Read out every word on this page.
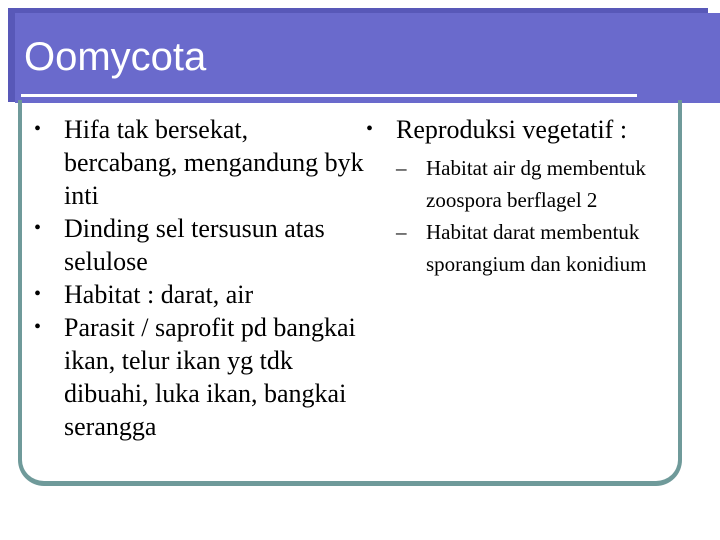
Oomycota
• Hifa tak bersekat, bercabang, mengandung byk inti
• Dinding sel tersusun atas selulose
• Habitat : darat, air
• Parasit / saprofit pd bangkai ikan, telur ikan yg tdk dibuahi, luka ikan, bangkai serangga
• Reproduksi vegetatif :
– Habitat air dg membentuk zoospora berflagel 2
– Habitat darat membentuk sporangium dan konidium
